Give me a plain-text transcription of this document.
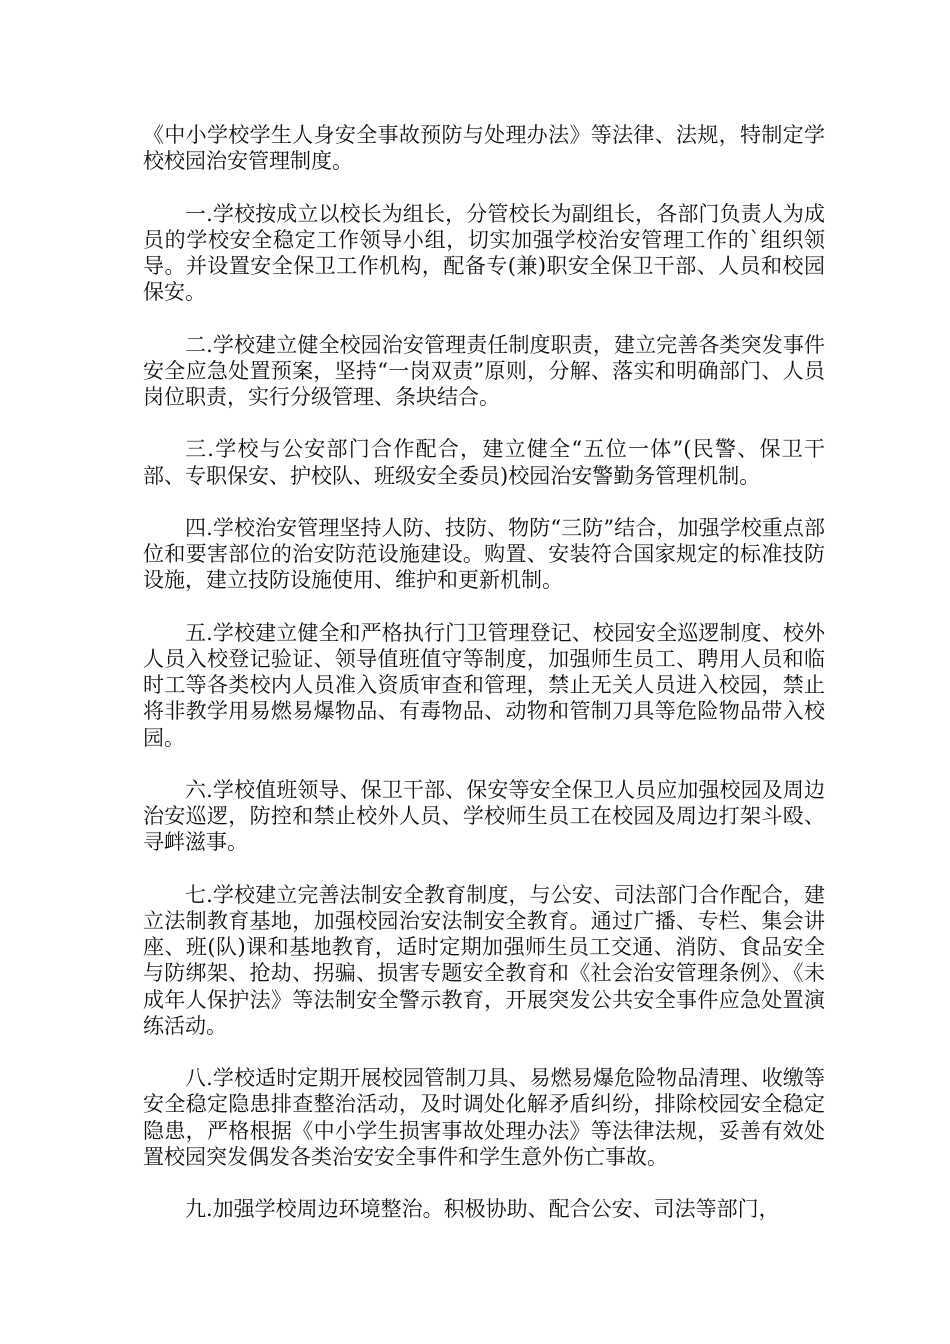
《中小学校学生人身安全事故预防与处理办法》等法律、法规，特制定学校校园治安管理制度。

一.学校按成立以校长为组长，分管校长为副组长，各部门负责人为成员的学校安全稳定工作领导小组，切实加强学校治安管理工作的`组织领导。并设置安全保卫工作机构，配备专(兼)职安全保卫干部、人员和校园保安。

二.学校建立健全校园治安管理责任制度职责，建立完善各类突发事件安全应急处置预案，坚持“一岗双责”原则，分解、落实和明确部门、人员岗位职责，实行分级管理、条块结合。

三.学校与公安部门合作配合，建立健全“五位一体”(民警、保卫干部、专职保安、护校队、班级安全委员)校园治安警勤务管理机制。

四.学校治安管理坚持人防、技防、物防“三防”结合，加强学校重点部位和要害部位的治安防范设施建设。购置、安装符合国家规定的标准技防设施，建立技防设施使用、维护和更新机制。

五.学校建立健全和严格执行门卫管理登记、校园安全巡逻制度、校外人员入校登记验证、领导值班值守等制度，加强师生员工、聘用人员和临时工等各类校内人员准入资质审查和管理，禁止无关人员进入校园，禁止将非教学用易燃易爆物品、有毒物品、动物和管制刀具等危险物品带入校园。

六.学校值班领导、保卫干部、保安等安全保卫人员应加强校园及周边治安巡逻，防控和禁止校外人员、学校师生员工在校园及周边打架斗殴、寻衅滋事。

七.学校建立完善法制安全教育制度，与公安、司法部门合作配合，建立法制教育基地，加强校园治安法制安全教育。通过广播、专栏、集会讲座、班(队)课和基地教育，适时定期加强师生员工交通、消防、食品安全与防绑架、抢劫、拐骗、损害专题安全教育和《社会治安管理条例》、《未成年人保护法》等法制安全警示教育，开展突发公共安全事件应急处置演练活动。

八.学校适时定期开展校园管制刀具、易燃易爆危险物品清理、收缴等安全稳定隐患排查整治活动，及时调处化解矛盾纠纷，排除校园安全稳定隐患，严格根据《中小学生损害事故处理办法》等法律法规，妥善有效处置校园突发偶发各类治安安全事件和学生意外伤亡事故。

九.加强学校周边环境整治。积极协助、配合公安、司法等部门，
